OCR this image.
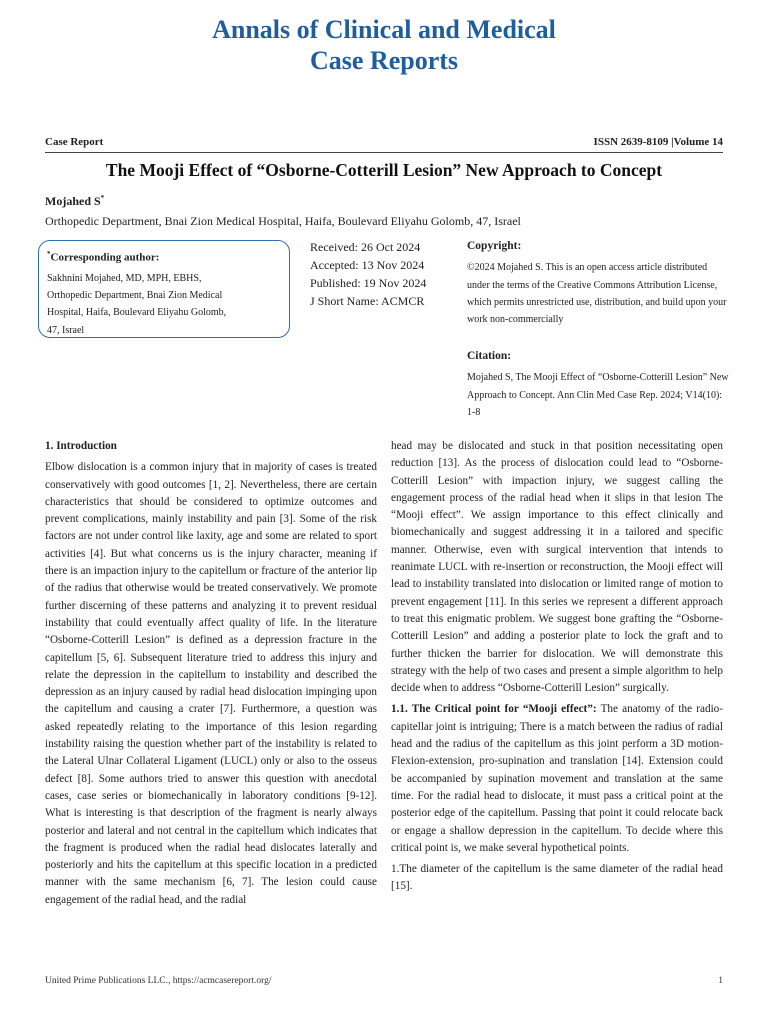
Annals of Clinical and Medical
Case Reports
Case Report	ISSN 2639-8109 |Volume 14
The Mooji Effect of “Osborne-Cotterill Lesion” New Approach to Concept
Mojahed S*
Orthopedic Department, Bnai Zion Medical Hospital, Haifa, Boulevard Eliyahu Golomb, 47, Israel
*Corresponding author:
Sakhnini Mojahed, MD, MPH, EBHS,
Orthopedic Department, Bnai Zion Medical
Hospital, Haifa, Boulevard Eliyahu Golomb,
47, Israel
Received: 26 Oct 2024
Accepted: 13 Nov 2024
Published: 19 Nov 2024
J Short Name: ACMCR
Copyright:
©2024 Mojahed S. This is an open access article distributed under the terms of the Creative Commons Attribution License, which permits unrestricted use, distribution, and build upon your work non-commercially
Citation:
Mojahed S, The Mooji Effect of “Osborne-Cotterill Lesion” New Approach to Concept. Ann Clin Med Case Rep. 2024; V14(10): 1-8

1. Introduction

Elbow dislocation is a common injury that in majority of cases is treated conservatively with good outcomes [1, 2]. Nevertheless, there are certain characteristics that should be considered to optimize outcomes and prevent complications, mainly instability and pain [3]. Some of the risk factors are not under control like laxity, age and some are related to sport activities [4]. But what concerns us is the injury character, meaning if there is an impaction injury to the capitellum or fracture of the anterior lip of the radius that otherwise would be treated conservatively. We promote further discerning of these patterns and analyzing it to prevent residual instability that could eventually affect quality of life. In the literature “Osborne-Cotterill Lesion” is defined as a depression fracture in the capitellum [5, 6]. Subsequent literature tried to address this injury and relate the depression in the capitellum to instability and described the depression as an injury caused by radial head dislocation impinging upon the capitellum and causing a crater [7]. Furthermore, a question was asked repeatedly relating to the importance of this lesion regarding instability raising the question whether part of the instability is related to the Lateral Ulnar Collateral Ligament (LUCL) only or also to the osseus defect [8]. Some authors tried to answer this question with anecdotal cases, case series or biomechanically in laboratory conditions [9-12]. What is interesting is that description of the fragment is nearly always posterior and lateral and not central in the capitellum which indicates that the fragment is produced when the radial head dislocates laterally and posteriorly and hits the capitellum at this specific location in a predicted manner with the same mechanism [6, 7]. The lesion could cause engagement of the radial head, and the radial

head may be dislocated and stuck in that position necessitating open reduction [13]. As the process of dislocation could lead to “Osborne-Cotterill Lesion” with impaction injury, we suggest calling the engagement process of the radial head when it slips in that lesion The “Mooji effect”. We assign importance to this effect clinically and biomechanically and suggest addressing it in a tailored and specific manner. Otherwise, even with surgical intervention that intends to reanimate LUCL with re-insertion or reconstruction, the Mooji effect will lead to instability translated into dislocation or limited range of motion to prevent engagement [11]. In this series we represent a different approach to treat this enigmatic problem. We suggest bone grafting the “Osborne-Cotterill Lesion” and adding a posterior plate to lock the graft and to further thicken the barrier for dislocation. We will demonstrate this strategy with the help of two cases and present a simple algorithm to help decide when to address “Osborne-Cotterill Lesion” surgically.

1.1. The Critical point for “Mooji effect”: The anatomy of the radio-capitellar joint is intriguing; There is a match between the radius of radial head and the radius of the capitellum as this joint perform a 3D motion- Flexion-extension, pro-supination and translation [14]. Extension could be accompanied by supination movement and translation at the same time. For the radial head to dislocate, it must pass a critical point at the posterior edge of the capitellum. Passing that point it could relocate back or engage a shallow depression in the capitellum. To decide where this critical point is, we make several hypothetical points.

1.The diameter of the capitellum is the same diameter of the radial head [15].

United Prime Publications LLC., https://acmcasereport.org/	1
